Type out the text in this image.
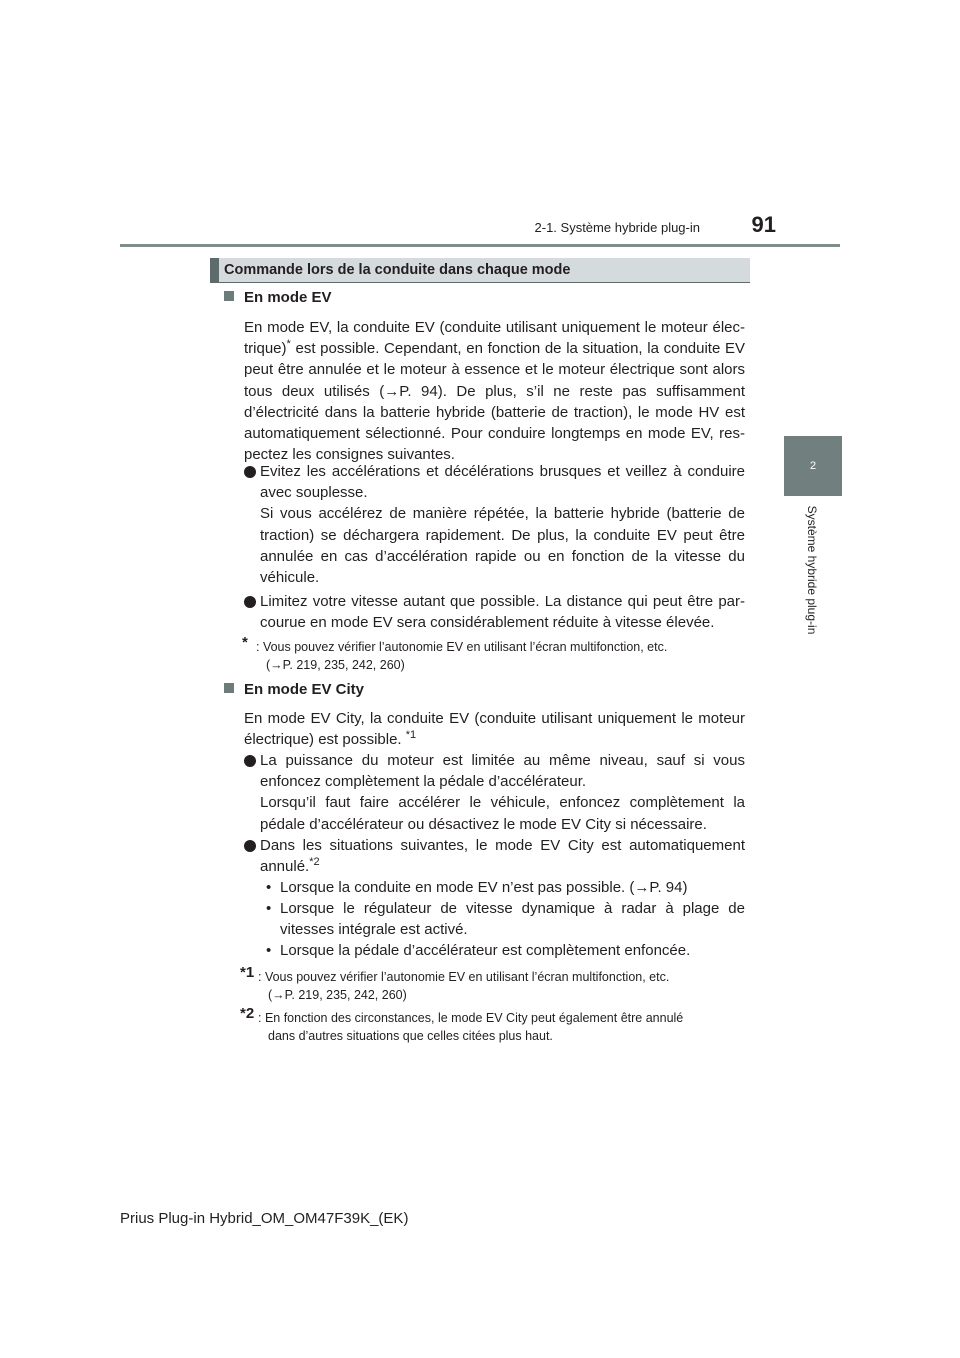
2-1. Système hybride plug-in	91
2
Système hybride plug-in
Commande lors de la conduite dans chaque mode
En mode EV
En mode EV, la conduite EV (conduite utilisant uniquement le moteur élec-trique)* est possible. Cependant, en fonction de la situation, la conduite EV peut être annulée et le moteur à essence et le moteur électrique sont alors tous deux utilisés (→P. 94). De plus, s’il ne reste pas suffisamment d’électricité dans la batterie hybride (batterie de traction), le mode HV est automatiquement sélectionné. Pour conduire longtemps en mode EV, res-pectez les consignes suivantes.
Evitez les accélérations et décélérations brusques et veillez à conduire avec souplesse.
Si vous accélérez de manière répétée, la batterie hybride (batterie de traction) se déchargera rapidement. De plus, la conduite EV peut être annulée en cas d’accélération rapide ou en fonction de la vitesse du véhicule.
Limitez votre vitesse autant que possible. La distance qui peut être par-courue en mode EV sera considérablement réduite à vitesse élevée.
* : Vous pouvez vérifier l’autonomie EV en utilisant l’écran multifonction, etc.
(→P. 219, 235, 242, 260)
En mode EV City
En mode EV City, la conduite EV (conduite utilisant uniquement le moteur électrique) est possible. $^{*1}$
La puissance du moteur est limitée au même niveau, sauf si vous enfoncez complètement la pédale d’accélérateur.
Lorsqu’il faut faire accélérer le véhicule, enfoncez complètement la pédale d’accélérateur ou désactivez le mode EV City si nécessaire.
Dans les situations suivantes, le mode EV City est automatiquement annulé.$^{*2}$
• Lorsque la conduite en mode EV n’est pas possible. (→P. 94)
• Lorsque le régulateur de vitesse dynamique à radar à plage de vitesses intégrale est activé.
• Lorsque la pédale d’accélérateur est complètement enfoncée.
*1 : Vous pouvez vérifier l’autonomie EV en utilisant l’écran multifonction, etc.
(→P. 219, 235, 242, 260)
*2 : En fonction des circonstances, le mode EV City peut également être annulé
dans d’autres situations que celles citées plus haut.
Prius Plug-in Hybrid_OM_OM47F39K_(EK)
